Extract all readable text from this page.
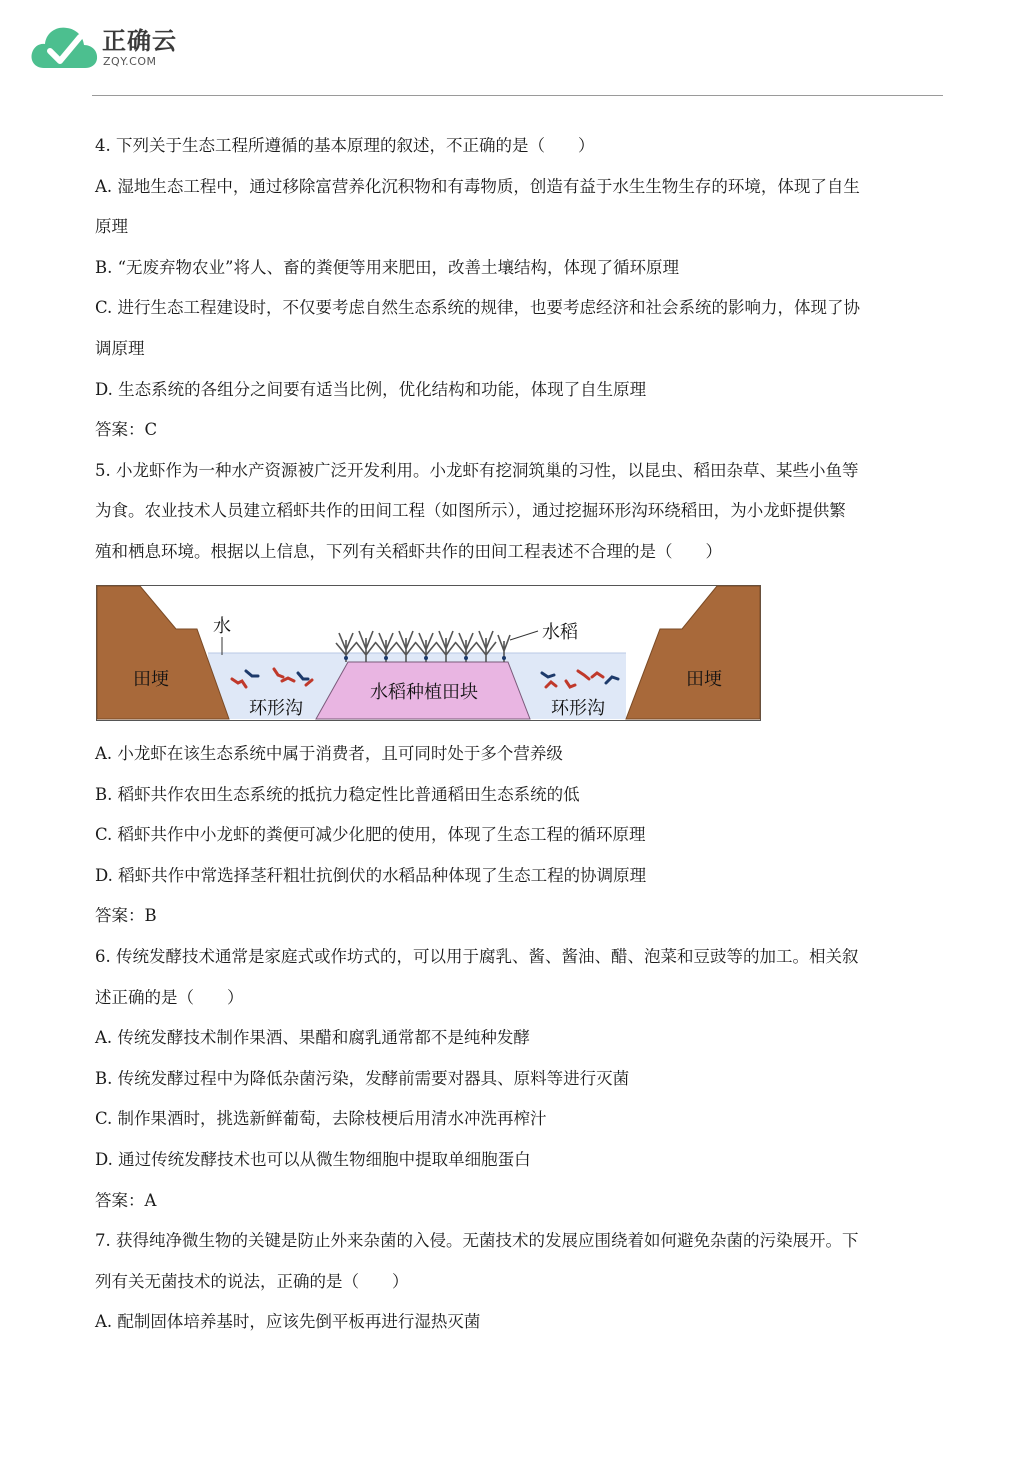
正确云
ZQY.COM
4. 下列关于生态工程所遵循的基本原理的叙述，不正确的是（　　）
A. 湿地生态工程中，通过移除富营养化沉积物和有毒物质，创造有益于水生生物生存的环境，体现了自生
原理
B. “无废弃物农业”将人、畜的粪便等用来肥田，改善土壤结构，体现了循环原理
C. 进行生态工程建设时，不仅要考虑自然生态系统的规律，也要考虑经济和社会系统的影响力，体现了协
调原理
D. 生态系统的各组分之间要有适当比例，优化结构和功能，体现了自生原理
答案：C
5. 小龙虾作为一种水产资源被广泛开发利用。小龙虾有挖洞筑巢的习性，以昆虫、稻田杂草、某些小鱼等
为食。农业技术人员建立稻虾共作的田间工程（如图所示），通过挖掘环形沟环绕稻田，为小龙虾提供繁
殖和栖息环境。根据以上信息，下列有关稻虾共作的田间工程表述不合理的是（　　）
田埂	田埂
水	水稻
水稻种植田块
环形沟	环形沟
A. 小龙虾在该生态系统中属于消费者，且可同时处于多个营养级
B. 稻虾共作农田生态系统的抵抗力稳定性比普通稻田生态系统的低
C. 稻虾共作中小龙虾的粪便可减少化肥的使用，体现了生态工程的循环原理
D. 稻虾共作中常选择茎秆粗壮抗倒伏的水稻品种体现了生态工程的协调原理
答案：B
6. 传统发酵技术通常是家庭式或作坊式的，可以用于腐乳、酱、酱油、醋、泡菜和豆豉等的加工。相关叙
述正确的是（　　）
A. 传统发酵技术制作果酒、果醋和腐乳通常都不是纯种发酵
B. 传统发酵过程中为降低杂菌污染，发酵前需要对器具、原料等进行灭菌
C. 制作果酒时，挑选新鲜葡萄，去除枝梗后用清水冲洗再榨汁
D. 通过传统发酵技术也可以从微生物细胞中提取单细胞蛋白
答案：A
7. 获得纯净微生物的关键是防止外来杂菌的入侵。无菌技术的发展应围绕着如何避免杂菌的污染展开。下
列有关无菌技术的说法，正确的是（　　）
A. 配制固体培养基时，应该先倒平板再进行湿热灭菌
